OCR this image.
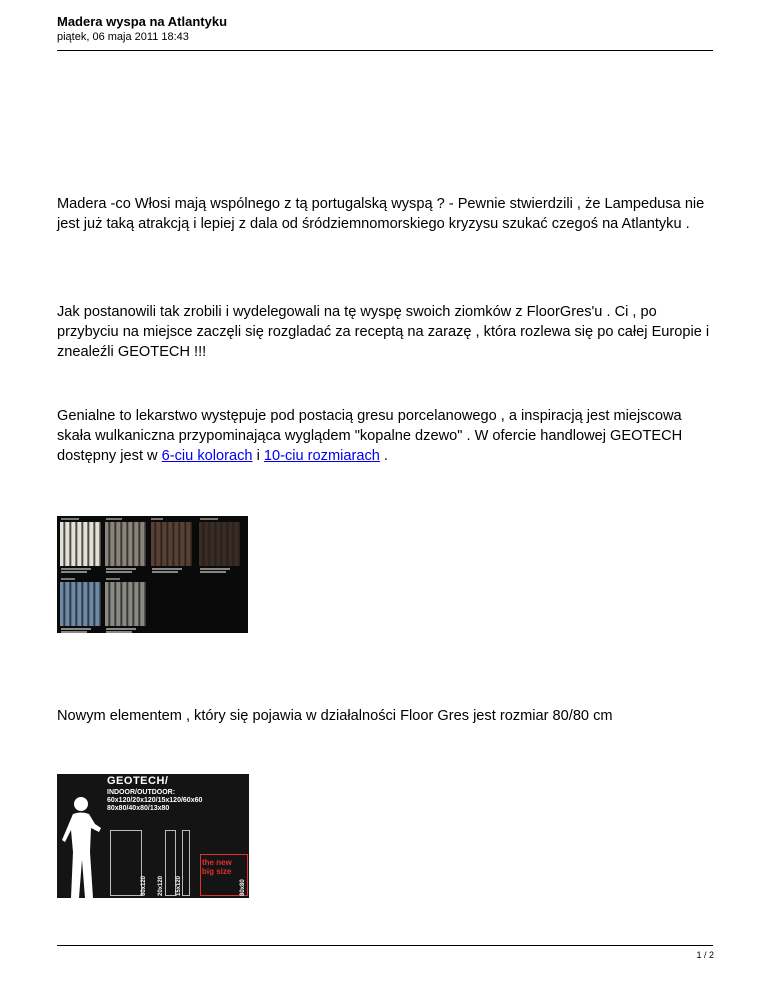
Madera wyspa na Atlantyku
piątek, 06 maja 2011 18:43

Madera -co Włosi mają wspólnego z tą portugalską wyspą ? - Pewnie stwierdzili , że Lampedusa nie jest już taką atrakcją i lepiej z dala od śródziemnomorskiego kryzysu szukać czegoś na Atlantyku .

Jak postanowili tak zrobili i wydelegowali na tę wyspę swoich ziomków z FloorGres'u . Ci , po przybyciu na miejsce zaczęli się rozgladać za receptą na zarazę , która rozlewa się po całej Europie i znealeźli GEOTECH !!!

Genialne to lekarstwo występuje pod postacią gresu porcelanowego , a inspiracją jest miejscowa skała wulkaniczna przypominająca wyglądem "kopalne dzewo" . W ofercie handlowej GEOTECH dostępny jest w 6-ciu kolorach i 10-ciu rozmiarach .

Nowym elementem , który się pojawia w działalności Floor Gres jest rozmiar 80/80 cm

GEOTECH/
INDOOR/OUTDOOR:
60x120/20x120/15x120/60x60
80x80/40x80/13x80
60x120 20x120 15x120	80x80
the new
big size
1 / 2
